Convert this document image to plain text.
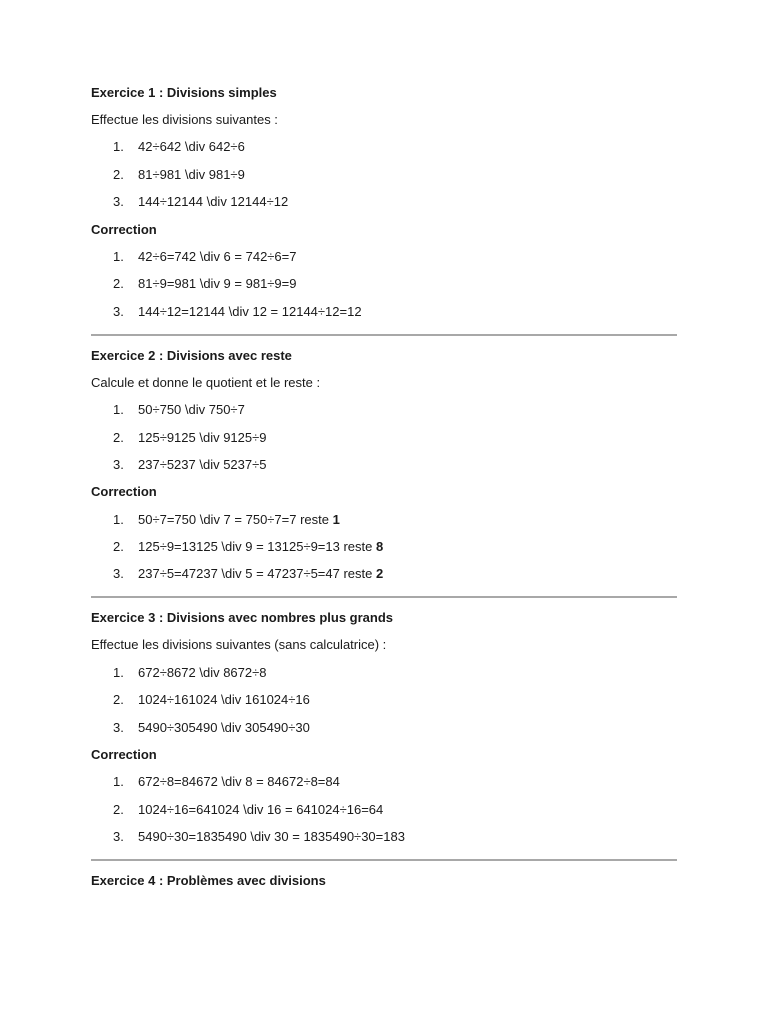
Exercice 1 : Divisions simples
Effectue les divisions suivantes :
1. 42÷642 \div 642÷6
2. 81÷981 \div 981÷9
3. 144÷12144 \div 12144÷12
Correction
1. 42÷6=742 \div 6 = 742÷6=7
2. 81÷9=981 \div 9 = 981÷9=9
3. 144÷12=12144 \div 12 = 12144÷12=12
Exercice 2 : Divisions avec reste
Calcule et donne le quotient et le reste :
1. 50÷750 \div 750÷7
2. 125÷9125 \div 9125÷9
3. 237÷5237 \div 5237÷5
Correction
1. 50÷7=750 \div 7 = 750÷7=7 reste 1
2. 125÷9=13125 \div 9 = 13125÷9=13 reste 8
3. 237÷5=47237 \div 5 = 47237÷5=47 reste 2
Exercice 3 : Divisions avec nombres plus grands
Effectue les divisions suivantes (sans calculatrice) :
1. 672÷8672 \div 8672÷8
2. 1024÷161024 \div 161024÷16
3. 5490÷305490 \div 305490÷30
Correction
1. 672÷8=84672 \div 8 = 84672÷8=84
2. 1024÷16=641024 \div 16 = 641024÷16=64
3. 5490÷30=1835490 \div 30 = 1835490÷30=183
Exercice 4 : Problèmes avec divisions
